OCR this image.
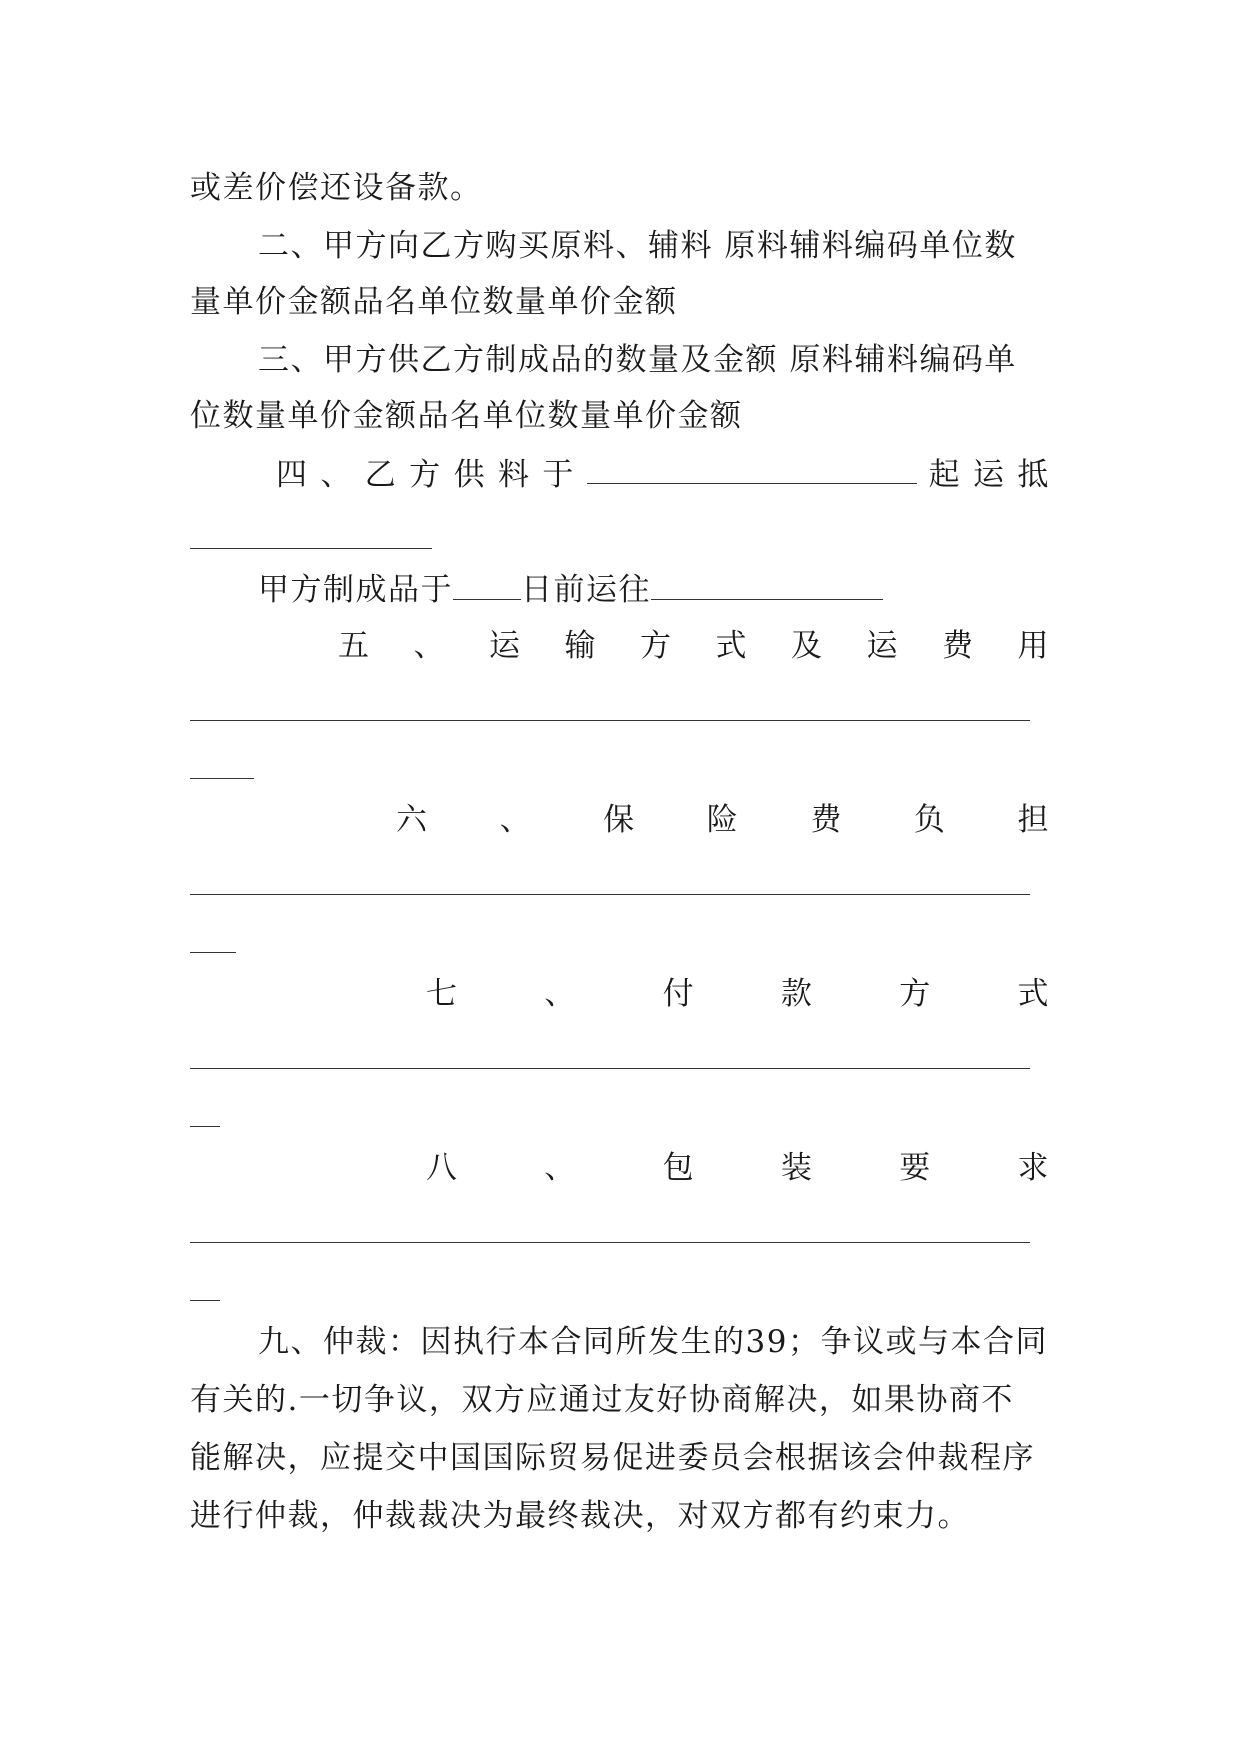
或差价偿还设备款。
二、甲方向乙方购买原料、辅料 原料辅料编码单位数
量单价金额品名单位数量单价金额
三、甲方供乙方制成品的数量及金额 原料辅料编码单
位数量单价金额品名单位数量单价金额
四 、 乙 方 供 料 于	起 运 抵
甲方制成品于 日前运往
五 、 运 输 方 式 及 运 费 用
六 、 保 险 费 负 担
七	、	付	款	方	式
八	、	包	装	要	求
九、仲裁：因执行本合同所发生的39；争议或与本合同
有关的.一切争议，双方应通过友好协商解决，如果协商不
能解决，应提交中国国际贸易促进委员会根据该会仲裁程序
进行仲裁，仲裁裁决为最终裁决，对双方都有约束力。
